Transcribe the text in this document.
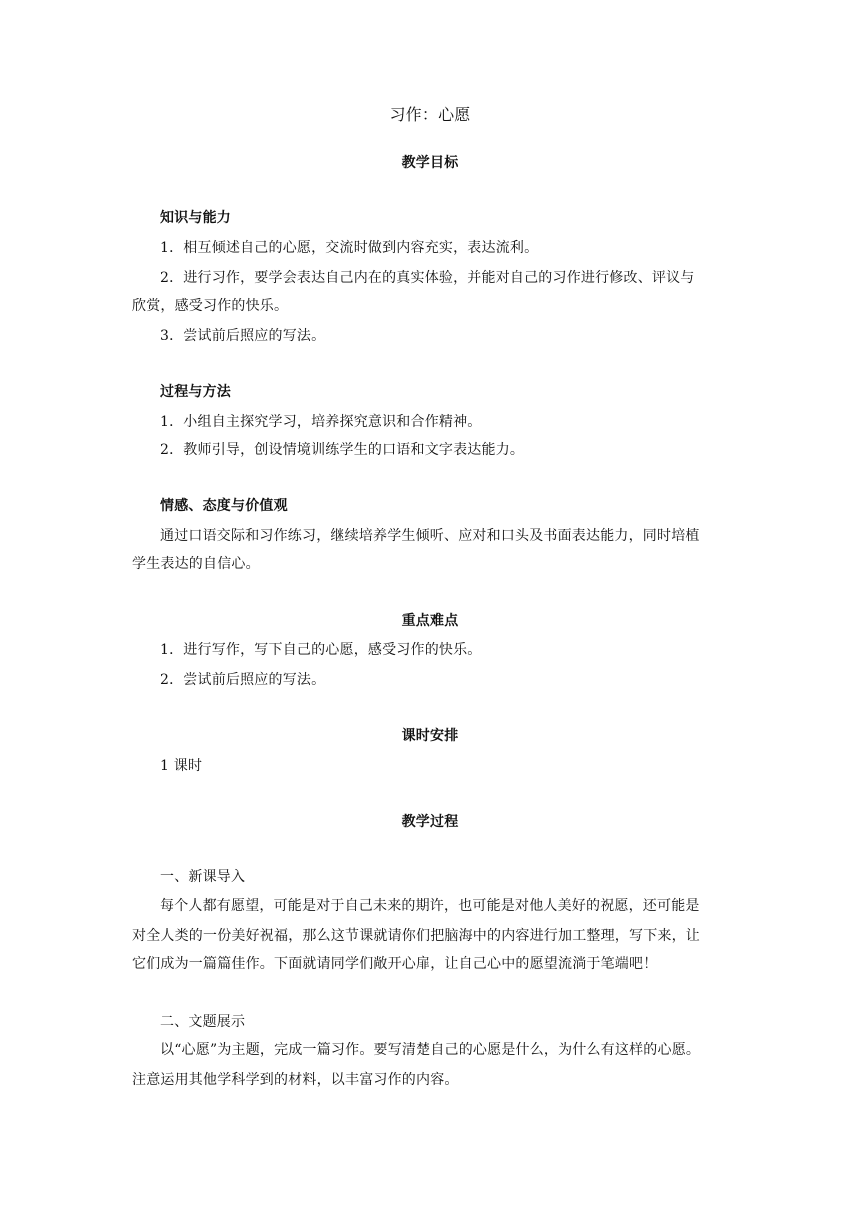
习作：心愿
教学目标
知识与能力
1．相互倾述自己的心愿，交流时做到内容充实，表达流利。
2．进行习作，要学会表达自己内在的真实体验，并能对自己的习作进行修改、评议与
欣赏，感受习作的快乐。
3．尝试前后照应的写法。
过程与方法
1．小组自主探究学习，培养探究意识和合作精神。
2．教师引导，创设情境训练学生的口语和文字表达能力。
情感、态度与价值观
通过口语交际和习作练习，继续培养学生倾听、应对和口头及书面表达能力，同时培植
学生表达的自信心。
重点难点
1．进行写作，写下自己的心愿，感受习作的快乐。
2．尝试前后照应的写法。
课时安排
1 课时
教学过程
一、新课导入
每个人都有愿望，可能是对于自己未来的期许，也可能是对他人美好的祝愿，还可能是
对全人类的一份美好祝福，那么这节课就请你们把脑海中的内容进行加工整理，写下来，让
它们成为一篇篇佳作。下面就请同学们敞开心扉，让自己心中的愿望流淌于笔端吧！
二、文题展示
以“心愿”为主题，完成一篇习作。要写清楚自己的心愿是什么，为什么有这样的心愿。
注意运用其他学科学到的材料，以丰富习作的内容。
